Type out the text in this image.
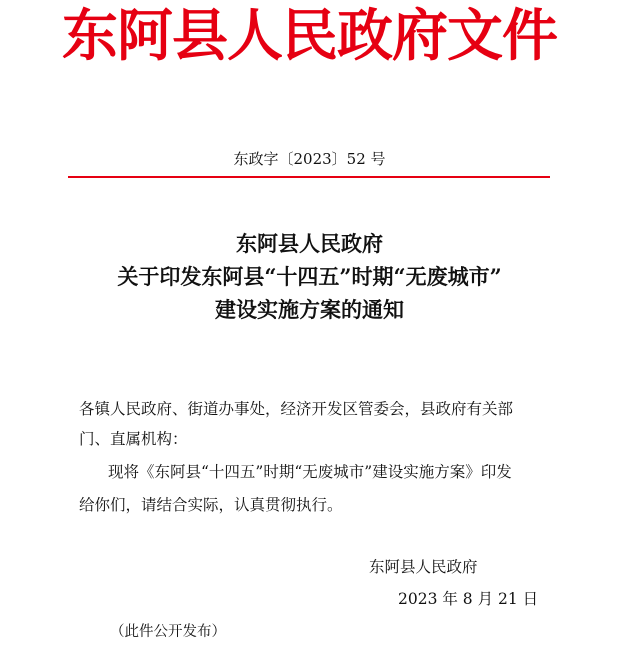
东阿县人民政府文件
东政字〔2023〕52 号
东阿县人民政府
关于印发东阿县“十四五”时期“无废城市”
建设实施方案的通知
各镇人民政府、街道办事处，经济开发区管委会，县政府有关部
门、直属机构：
现将《东阿县“十四五”时期“无废城市”建设实施方案》印发
给你们，请结合实际，认真贯彻执行。
东阿县人民政府
2023 年 8 月 21 日
（此件公开发布）
